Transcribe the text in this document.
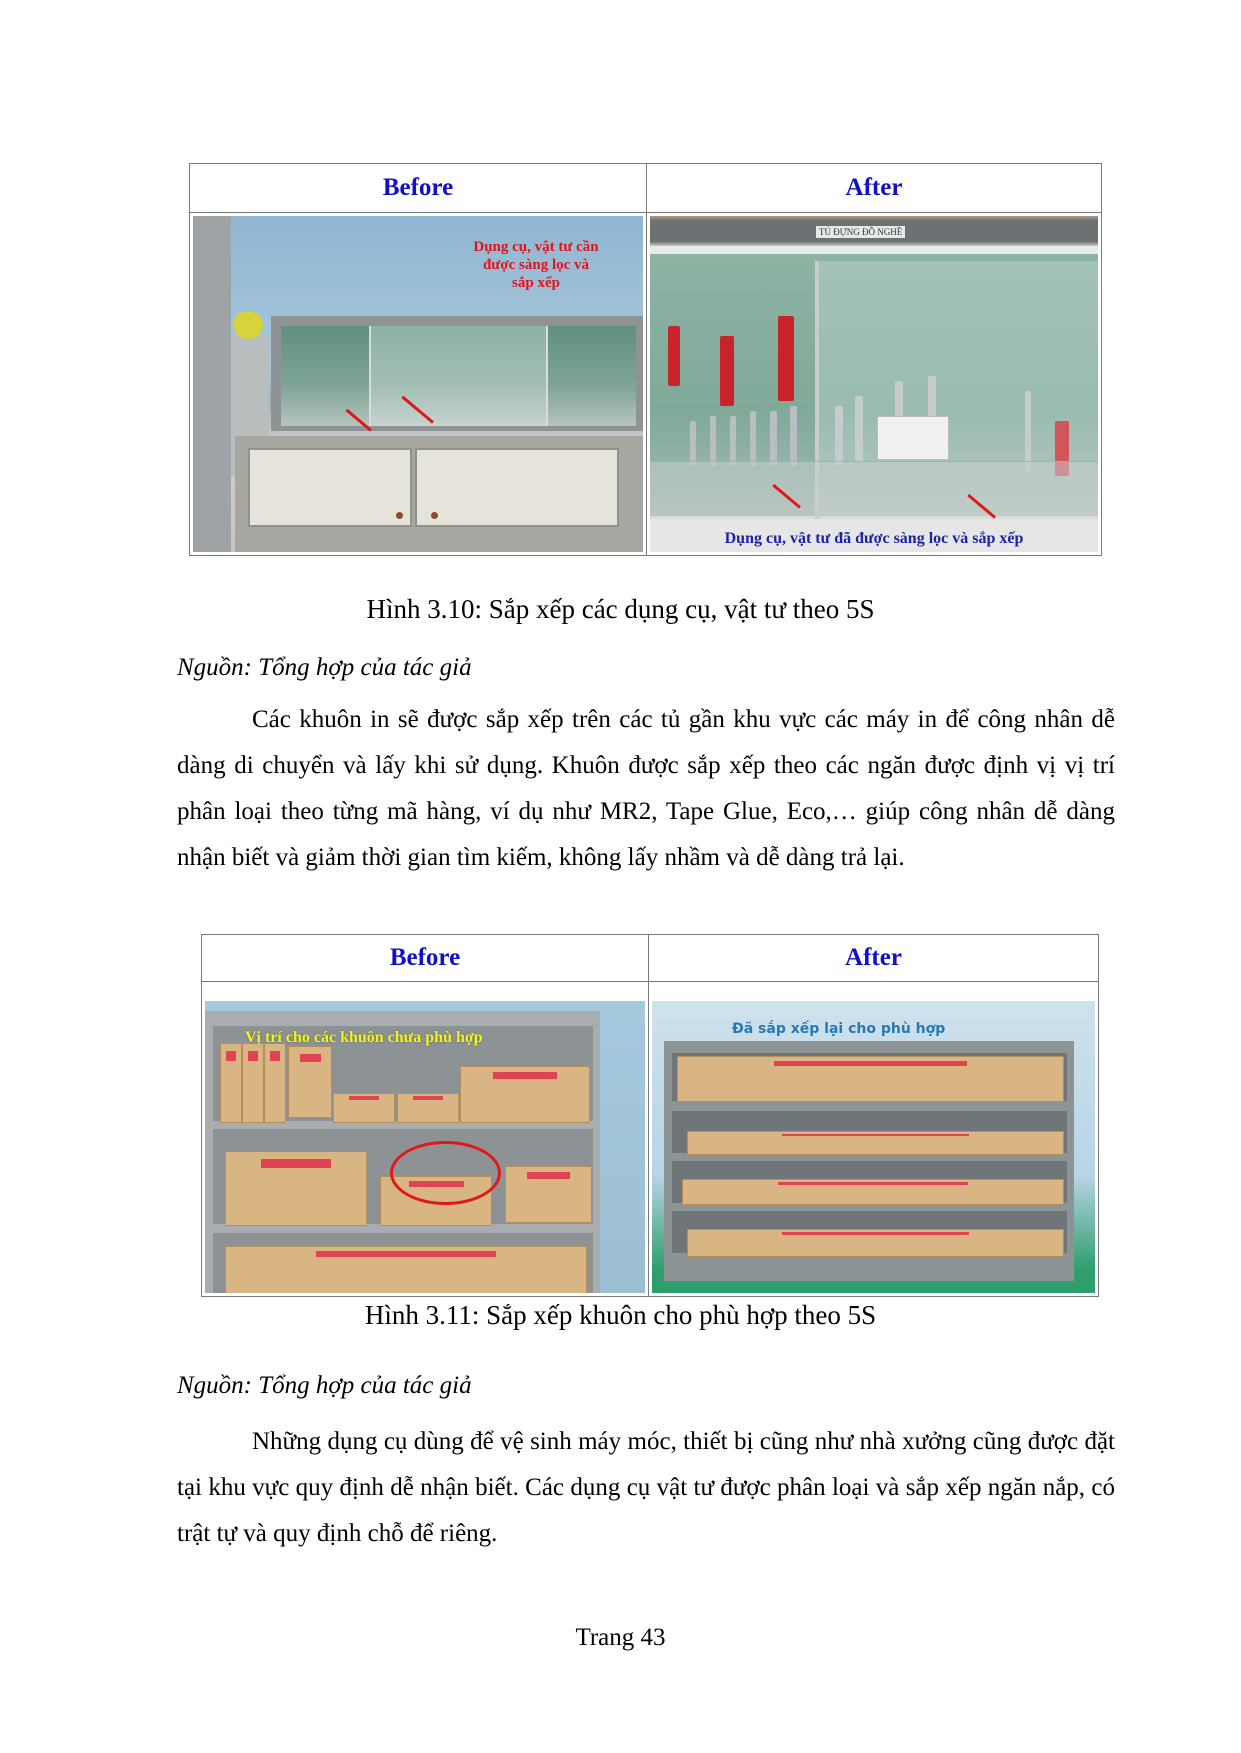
Before	After

Dụng cụ, vật tư cần
được sàng lọc và
sắp xếp

TỦ ĐỰNG ĐỒ NGHỀ
Dụng cụ, vật tư đã được sàng lọc và sắp xếp
Hình 3.10: Sắp xếp các dụng cụ, vật tư theo 5S
Nguồn: Tổng hợp của tác giả
Các khuôn in sẽ được sắp xếp trên các tủ gần khu vực các máy in để công nhân dễ dàng di chuyển và lấy khi sử dụng. Khuôn được sắp xếp theo các ngăn được định vị vị trí phân loại theo từng mã hàng, ví dụ như MR2, Tape Glue, Eco,… giúp công nhân dễ dàng nhận biết và giảm thời gian tìm kiếm, không lấy nhầm và dễ dàng trả lại.
Before	After

Vị trí cho các khuôn chưa phù hợp	Đã sắp xếp lại cho phù hợp
Hình 3.11: Sắp xếp khuôn cho phù hợp theo 5S
Nguồn: Tổng hợp của tác giả
Những dụng cụ dùng để vệ sinh máy móc, thiết bị cũng như nhà xưởng cũng được đặt tại khu vực quy định dễ nhận biết. Các dụng cụ vật tư được phân loại và sắp xếp ngăn nắp, có trật tự và quy định chỗ để riêng.
Trang 43
